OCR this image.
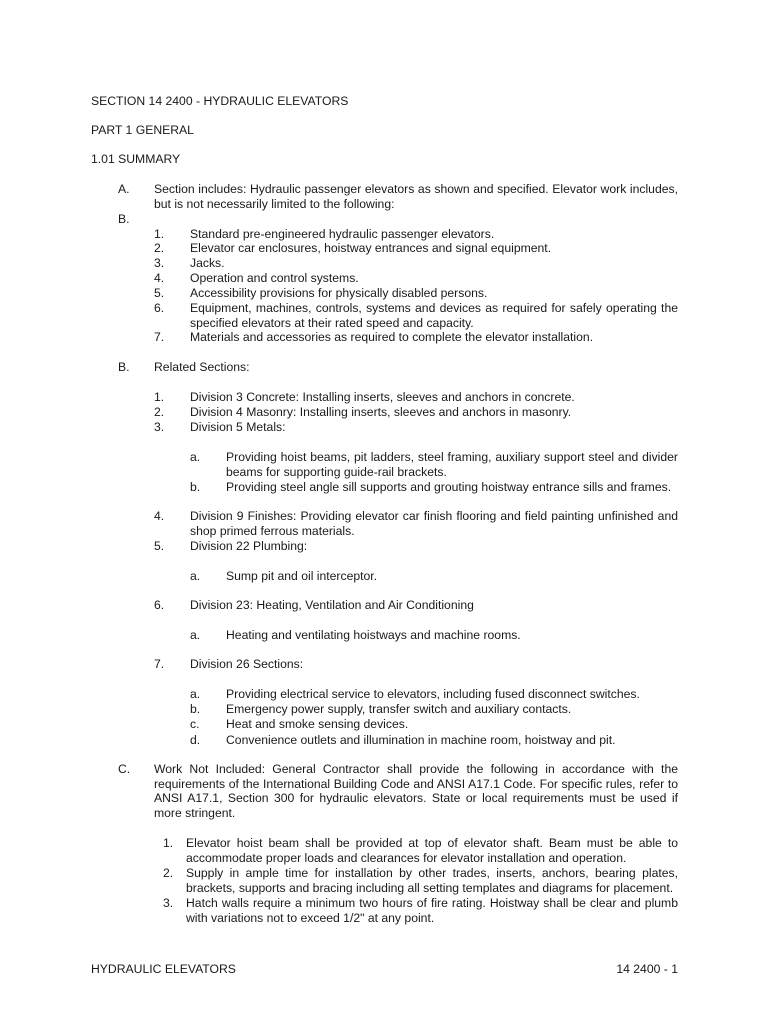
SECTION 14 2400 - HYDRAULIC ELEVATORS
PART 1 GENERAL
1.01 SUMMARY
A. Section includes: Hydraulic passenger elevators as shown and specified. Elevator work includes, but is not necessarily limited to the following:
B.
1. Standard pre-engineered hydraulic passenger elevators.
2. Elevator car enclosures, hoistway entrances and signal equipment.
3. Jacks.
4. Operation and control systems.
5. Accessibility provisions for physically disabled persons.
6. Equipment, machines, controls, systems and devices as required for safely operating the specified elevators at their rated speed and capacity.
7. Materials and accessories as required to complete the elevator installation.
B. Related Sections:
1. Division 3 Concrete: Installing inserts, sleeves and anchors in concrete.
2. Division 4 Masonry: Installing inserts, sleeves and anchors in masonry.
3. Division 5 Metals:
a. Providing hoist beams, pit ladders, steel framing, auxiliary support steel and divider beams for supporting guide-rail brackets.
b. Providing steel angle sill supports and grouting hoistway entrance sills and frames.
4. Division 9 Finishes: Providing elevator car finish flooring and field painting unfinished and shop primed ferrous materials.
5. Division 22 Plumbing:
a. Sump pit and oil interceptor.
6. Division 23: Heating, Ventilation and Air Conditioning
a. Heating and ventilating hoistways and machine rooms.
7. Division 26 Sections:
a. Providing electrical service to elevators, including fused disconnect switches.
b. Emergency power supply, transfer switch and auxiliary contacts.
c. Heat and smoke sensing devices.
d. Convenience outlets and illumination in machine room, hoistway and pit.
C. Work Not Included: General Contractor shall provide the following in accordance with the requirements of the International Building Code and ANSI A17.1 Code. For specific rules, refer to ANSI A17.1, Section 300 for hydraulic elevators. State or local requirements must be used if more stringent.
1. Elevator hoist beam shall be provided at top of elevator shaft. Beam must be able to accommodate proper loads and clearances for elevator installation and operation.
2. Supply in ample time for installation by other trades, inserts, anchors, bearing plates, brackets, supports and bracing including all setting templates and diagrams for placement.
3. Hatch walls require a minimum two hours of fire rating. Hoistway shall be clear and plumb with variations not to exceed 1/2" at any point.
HYDRAULIC ELEVATORS	14 2400 - 1
